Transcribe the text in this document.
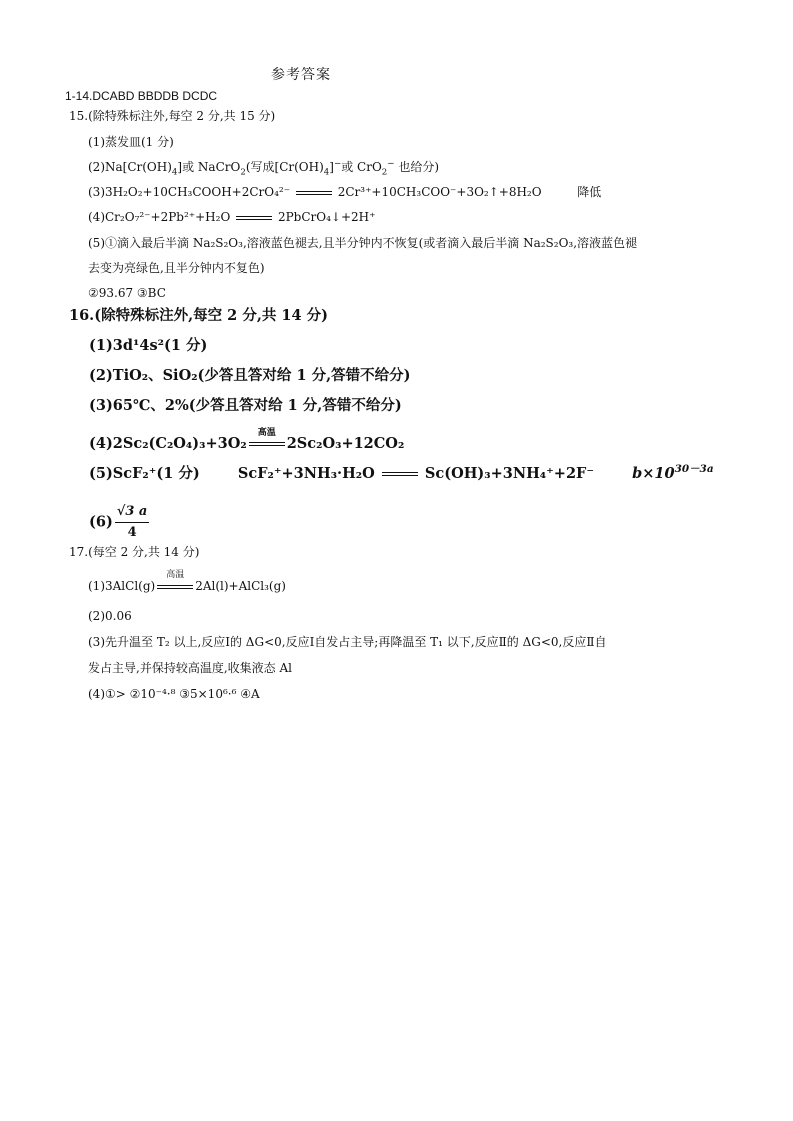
参考答案
1-14.DCABD BBDDB DCDC
15.(除特殊标注外,每空 2 分,共 15 分)
(1)蒸发皿(1 分)
$(2)Na[Cr(OH)_4]$或 NaCrO$_2$(写成$[Cr(OH)_4]^-$或 CrO$_2$− 也给分)
(3)3H₂O₂+10CH₃COOH+2CrO₄²⁻	2Cr³⁺+10CH₃COO⁻+3O₂↑+8H₂O	降低
(4)Cr₂O₇²⁻+2Pb²⁺+H₂O	2PbCrO₄↓+2H⁺
(5)①滴入最后半滴 Na₂S₂O₃,溶液蓝色褪去,且半分钟内不恢复(或者滴入最后半滴 Na₂S₂O₃,溶液蓝色褪
去变为亮绿色,且半分钟内不复色)
②93.67 ③BC
16.(除特殊标注外,每空 2 分,共 14 分)
(1)3d¹4s²(1 分)
(2)TiO₂、SiO₂(少答且答对给 1 分,答错不给分)
(3)65℃、2%(少答且答对给 1 分,答错不给分)
(4)2Sc₂(C₂O₄)₃+3O₂
高温
2Sc₂O₃+12CO₂
(5)ScF₂⁺(1 分)	ScF₂⁺+3NH₃·H₂O	Sc(OH)₃+3NH₄⁺+2F⁻	$b\times 10^{30-3a}$
$(6) \frac{√3 a}{4}$
17.(每空 2 分,共 14 分)
(1)3AlCl(g)
高温
2Al(l)+AlCl₃(g)
(2)0.06
(3)先升温至 T₂ 以上,反应Ⅰ的 ΔG<0,反应Ⅰ自发占主导;再降温至 T₁ 以下,反应Ⅱ的 ΔG<0,反应Ⅱ自
发占主导,并保持较高温度,收集液态 Al
(4)①> ②10⁻⁴·⁸ ③5×10⁶·⁶ ④A
